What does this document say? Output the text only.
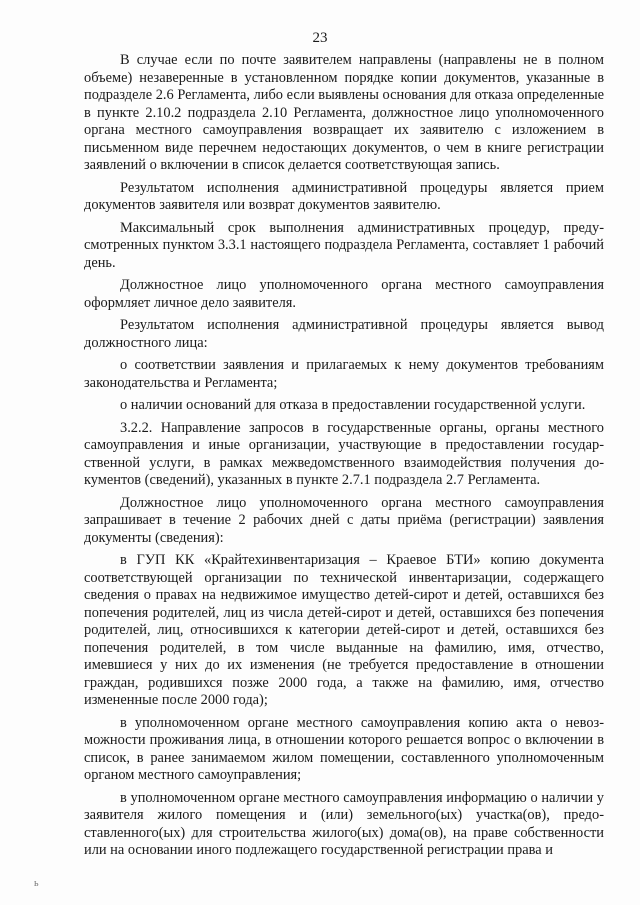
23

В случае если по почте заявителем направлены (направлены не в полном объеме) незаверенные в установленном порядке копии документов, указанные в подразделе 2.6 Регламента, либо если выявлены основания для отказа определенные в пункте 2.10.2 подраздела 2.10 Регламента, должностное лицо уполномоченного органа местного самоуправления возвращает их заявителю с изложением в письменном виде перечнем недостающих документов, о чем в книге регистрации заявлений о включении в список делается соответствующая запись.

Результатом исполнения административной процедуры является прием документов заявителя или возврат документов заявителю.

Максимальный срок выполнения административных процедур, предусмотренных пунктом 3.3.1 настоящего подраздела Регламента, составляет 1 рабочий день.

Должностное лицо уполномоченного органа местного самоуправления оформляет личное дело заявителя.

Результатом исполнения административной процедуры является вывод должностного лица:

о соответствии заявления и прилагаемых к нему документов требованиям законодательства и Регламента;

о наличии оснований для отказа в предоставлении государственной услуги.

3.2.2. Направление запросов в государственные органы, органы местного самоуправления и иные организации, участвующие в предоставлении государственной услуги, в рамках межведомственного взаимодействия получения документов (сведений), указанных в пункте 2.7.1 подраздела 2.7 Регламента.

Должностное лицо уполномоченного органа местного самоуправления запрашивает в течение 2 рабочих дней с даты приёма (регистрации) заявления документы (сведения):

в ГУП КК «Крайтехинвентаризация – Краевое БТИ» копию документа соответствующей организации по технической инвентаризации, содержащего сведения о правах на недвижимое имущество детей-сирот и детей, оставшихся без попечения родителей, лиц из числа детей-сирот и детей, оставшихся без попечения родителей, лиц, относившихся к категории детей-сирот и детей, оставшихся без попечения родителей, в том числе выданные на фамилию, имя, отчество, имевшиеся у них до их изменения (не требуется предоставление в отношении граждан, родившихся позже 2000 года, а также на фамилию, имя, отчество измененные после 2000 года);

в уполномоченном органе местного самоуправления копию акта о невозможности проживания лица, в отношении которого решается вопрос о включении в список, в ранее занимаемом жилом помещении, составленного уполномоченным органом местного самоуправления;

в уполномоченном органе местного самоуправления информацию о наличии у заявителя жилого помещения и (или) земельного(ых) участка(ов), предоставленного(ых) для строительства жилого(ых) дома(ов), на праве собственности или на основании иного подлежащего государственной регистрации права и

ь
